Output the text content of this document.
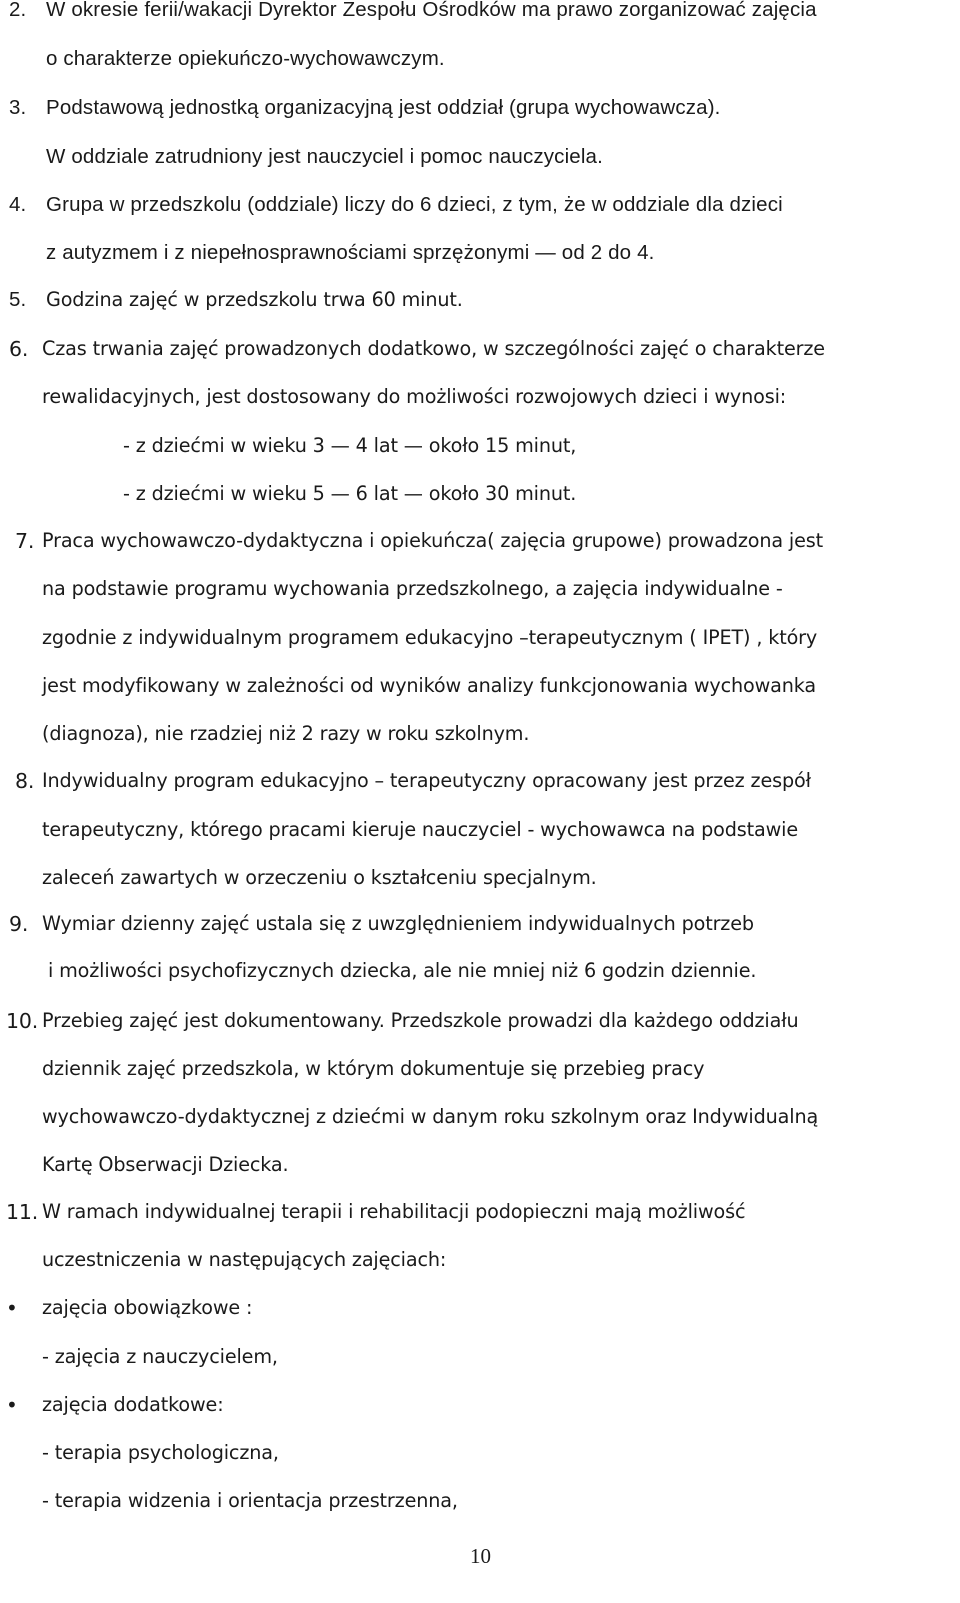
2. W okresie ferii/wakacji Dyrektor Zespołu Ośrodków ma prawo zorganizować zajęcia
o charakterze opiekuńczo-wychowawczym.
3. Podstawową jednostką organizacyjną jest oddział (grupa wychowawcza).
W oddziale zatrudniony jest nauczyciel i pomoc nauczyciela.
4. Grupa w przedszkolu (oddziale) liczy do 6 dzieci, z tym, że w oddziale dla dzieci
z autyzmem i z niepełnosprawnościami sprzężonymi — od 2 do 4.
5. Godzina zajęć w przedszkolu trwa 60 minut.
6. Czas trwania zajęć prowadzonych dodatkowo, w szczególności zajęć o charakterze
rewalidacyjnych, jest dostosowany do możliwości rozwojowych dzieci i wynosi:
- z dziećmi w wieku 3 — 4 lat — około 15 minut,
- z dziećmi w wieku 5 — 6 lat — około 30 minut.
7. Praca wychowawczo-dydaktyczna i opiekuńcza( zajęcia grupowe) prowadzona jest
na podstawie programu wychowania przedszkolnego, a zajęcia indywidualne -
zgodnie z indywidualnym programem edukacyjno –terapeutycznym ( IPET) , który
jest modyfikowany w zależności od wyników analizy funkcjonowania wychowanka
(diagnoza), nie rzadziej niż 2 razy w roku szkolnym.
8. Indywidualny program edukacyjno – terapeutyczny opracowany jest przez zespół
terapeutyczny, którego pracami kieruje nauczyciel - wychowawca na podstawie
zaleceń zawartych w orzeczeniu o kształceniu specjalnym.
9. Wymiar dzienny zajęć ustala się z uwzględnieniem indywidualnych potrzeb
i możliwości psychofizycznych dziecka, ale nie mniej niż 6 godzin dziennie.
10. Przebieg zajęć jest dokumentowany. Przedszkole prowadzi dla każdego oddziału
dziennik zajęć przedszkola, w którym dokumentuje się przebieg pracy
wychowawczo-dydaktycznej z dziećmi w danym roku szkolnym oraz Indywidualną
Kartę Obserwacji Dziecka.
11. W ramach indywidualnej terapii i rehabilitacji podopieczni mają możliwość
uczestniczenia w następujących zajęciach:
• zajęcia obowiązkowe :
- zajęcia z nauczycielem,
• zajęcia dodatkowe:
- terapia psychologiczna,
- terapia widzenia i orientacja przestrzenna,
10
